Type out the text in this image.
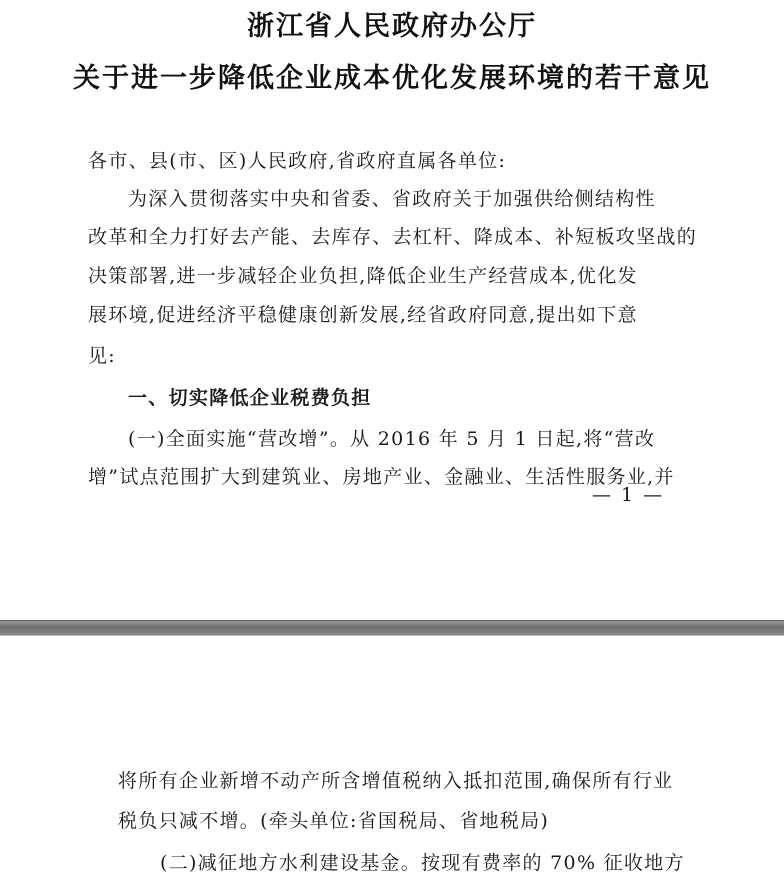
浙江省人民政府办公厅
关于进一步降低企业成本优化发展环境的若干意见
各市、县(市、区)人民政府,省政府直属各单位:
为深入贯彻落实中央和省委、省政府关于加强供给侧结构性
改革和全力打好去产能、去库存、去杠杆、降成本、补短板攻坚战的
决策部署,进一步减轻企业负担,降低企业生产经营成本,优化发
展环境,促进经济平稳健康创新发展,经省政府同意,提出如下意
见:
一、切实降低企业税费负担
(一)全面实施“营改增”。从 2016 年 5 月 1 日起,将“营改
增”试点范围扩大到建筑业、房地产业、金融业、生活性服务业,并
— 1 —
将所有企业新增不动产所含增值税纳入抵扣范围,确保所有行业
税负只减不增。(牵头单位:省国税局、省地税局)
(二)减征地方水利建设基金。按现有费率的 70% 征收地方
